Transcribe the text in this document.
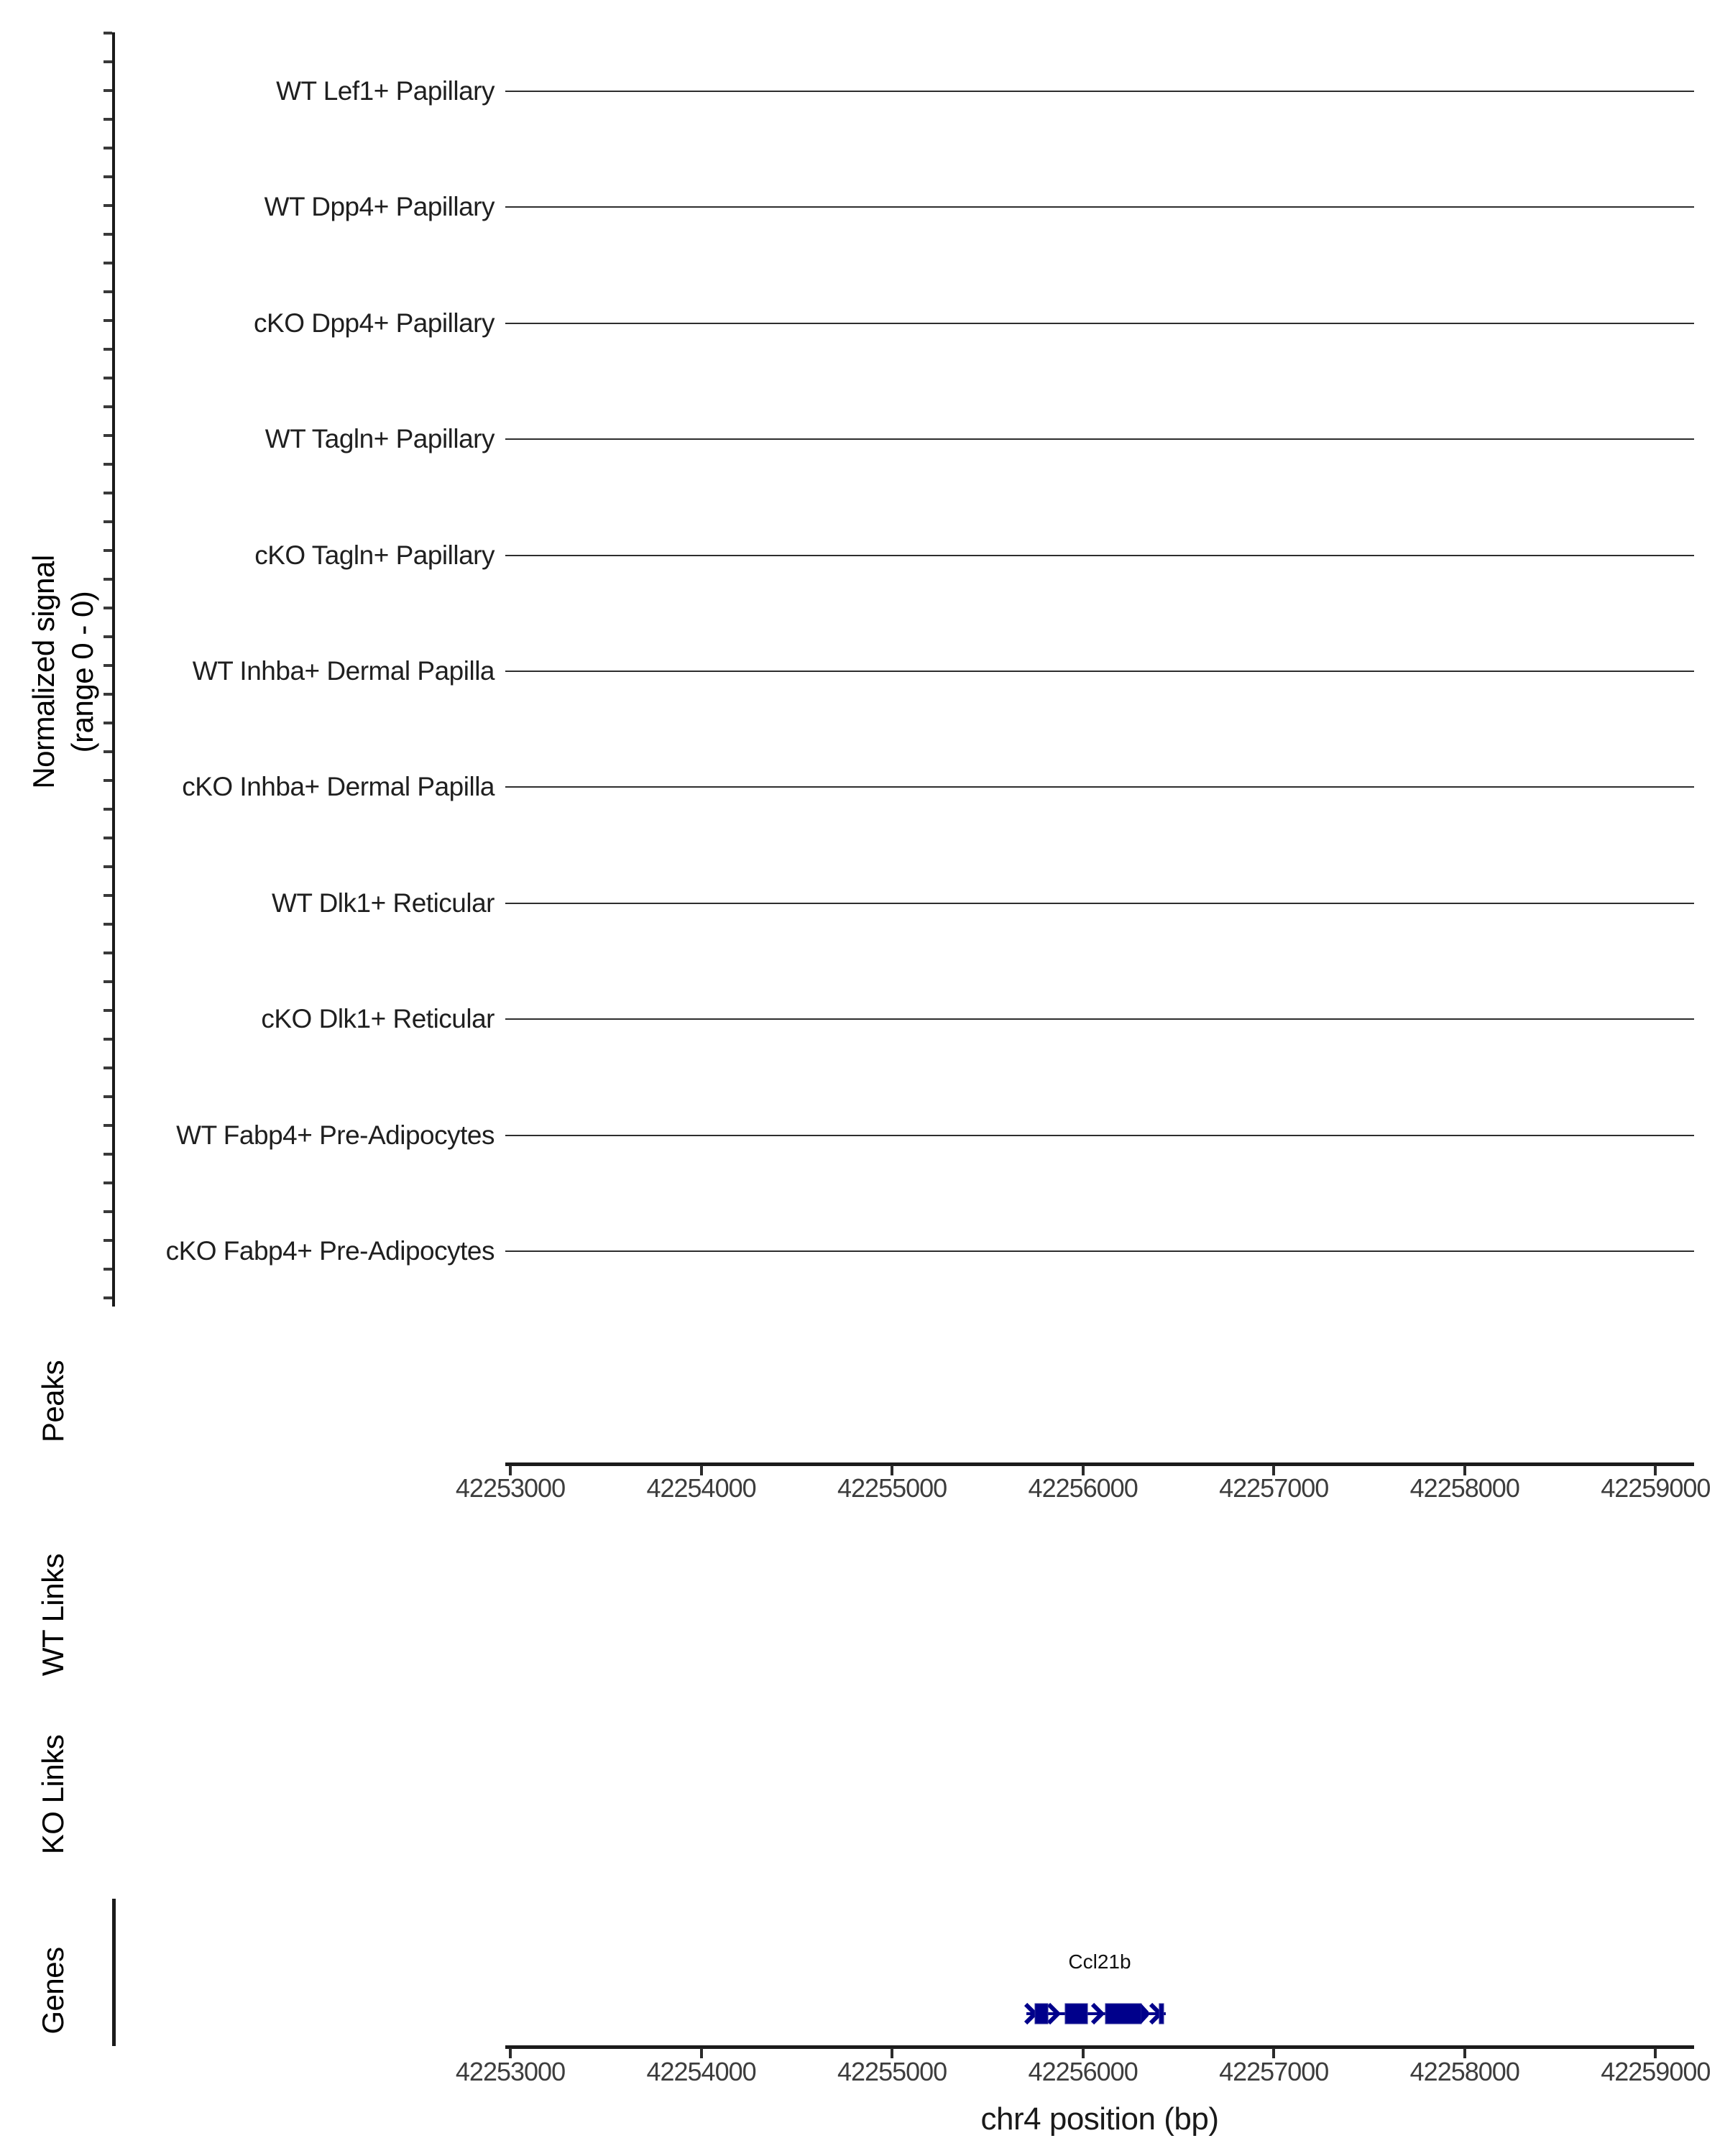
Normalized signal (range 0 - 0)
Peaks
WT Links
KO Links
Genes	Ccl21b
chr4 position (bp)
WT Lef1+ Papillary
WT Dpp4+ Papillary
cKO Dpp4+ Papillary
WT Tagln+ Papillary
cKO Tagln+ Papillary
WT Inhba+ Dermal Papilla
cKO Inhba+ Dermal Papilla
WT Dlk1+ Reticular
cKO Dlk1+ Reticular
WT Fabp4+ Pre-Adipocytes
cKO Fabp4+ Pre-Adipocytes
42253000	42254000	42255000	42256000	42257000	42258000	42259000
42253000	42254000	42255000	42256000	42257000	42258000	42259000
